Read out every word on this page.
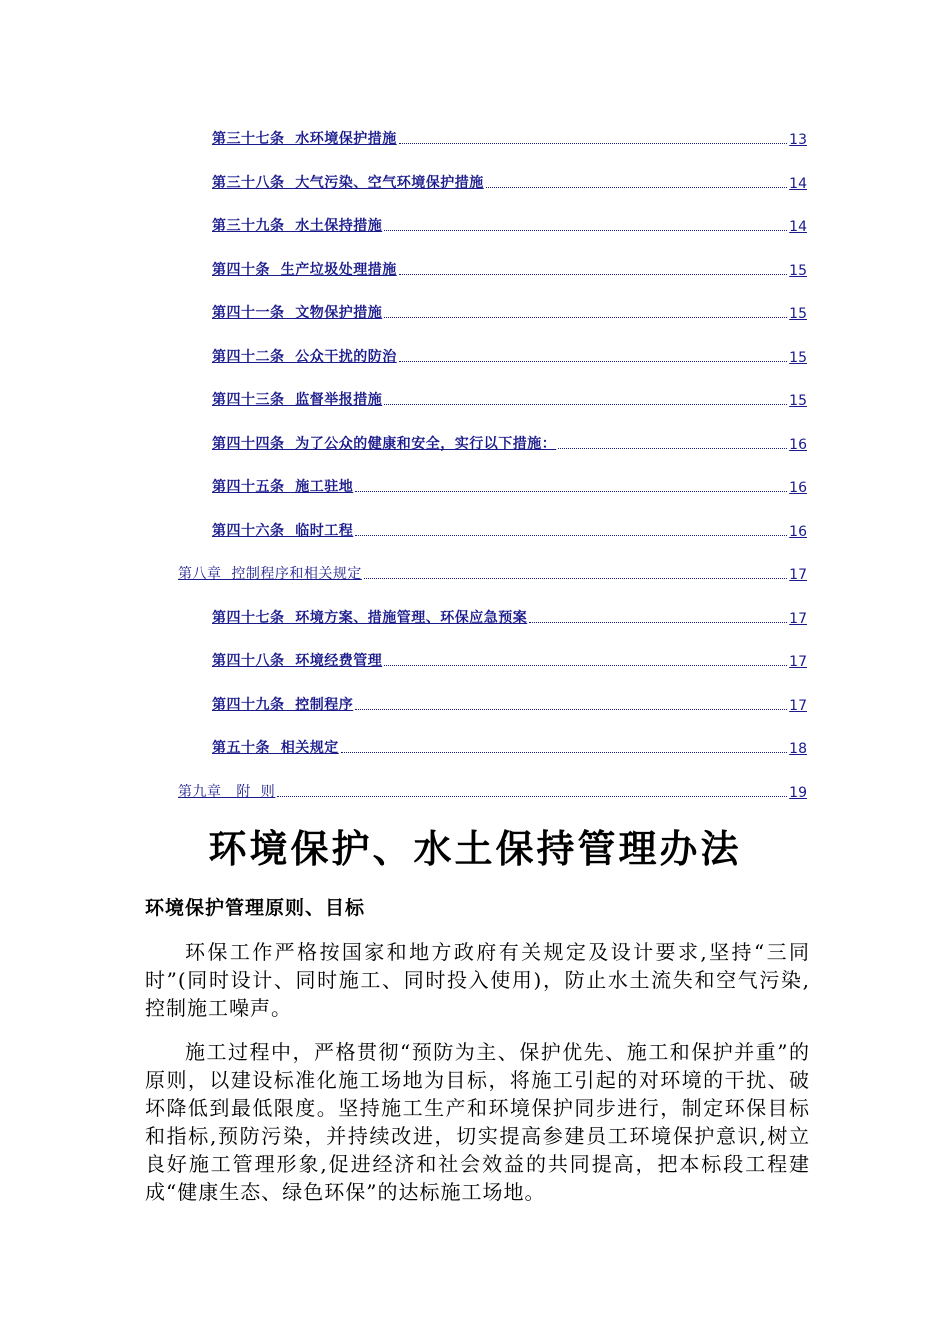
第三十七条  水环境保护措施	13
第三十八条  大气污染、空气环境保护措施	14
第三十九条  水土保持措施	14
第四十条  生产垃圾处理措施	15
第四十一条  文物保护措施	15
第四十二条  公众干扰的防治	15
第四十三条  监督举报措施	15
第四十四条  为了公众的健康和安全，实行以下措施：	16
第四十五条  施工驻地	16
第四十六条  临时工程	16
第八章  控制程序和相关规定	17
第四十七条  环境方案、措施管理、环保应急预案	17
第四十八条  环境经费管理	17
第四十九条  控制程序	17
第五十条  相关规定	18
第九章   附  则	19
环境保护、水土保持管理办法
环境保护管理原则、目标

环保工作严格按国家和地方政府有关规定及设计要求,坚持“三同时”(同时设计、同时施工、同时投入使用)，防止水土流失和空气污染,控制施工噪声。

施工过程中，严格贯彻“预防为主、保护优先、施工和保护并重”的原则，以建设标准化施工场地为目标，将施工引起的对环境的干扰、破坏降低到最低限度。坚持施工生产和环境保护同步进行，制定环保目标和指标,预防污染，并持续改进，切实提高参建员工环境保护意识,树立良好施工管理形象,促进经济和社会效益的共同提高，把本标段工程建成“健康生态、绿色环保”的达标施工场地。
